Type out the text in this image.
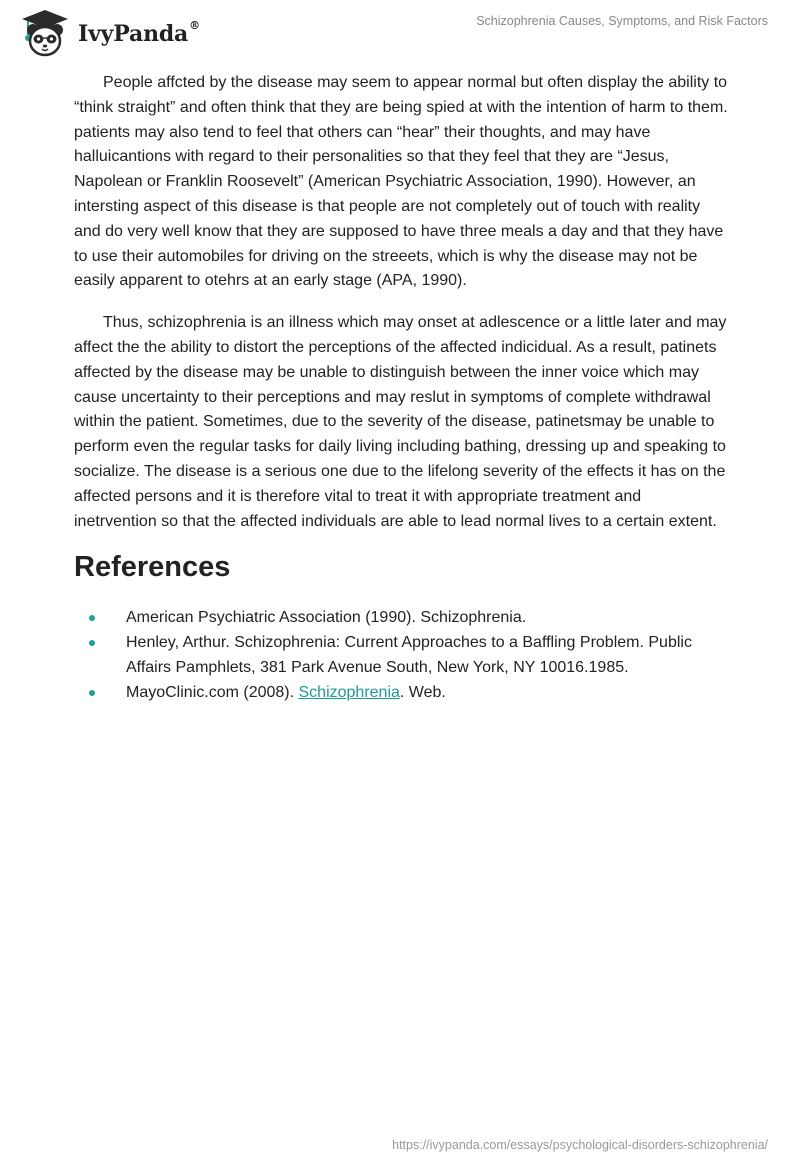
IvyPanda®	Schizophrenia Causes, Symptoms, and Risk Factors

People affcted by the disease may seem to appear normal but often display the ability to “think straight” and often think that they are being spied at with the intention of harm to them. patients may also tend to feel that others can “hear” their thoughts, and may have halluicantions with regard to their personalities so that they feel that they are “Jesus, Napolean or Franklin Roosevelt” (American Psychiatric Association, 1990). However, an intersting aspect of this disease is that people are not completely out of touch with reality and do very well know that they are supposed to have three meals a day and that they have to use their automobiles for driving on the streeets, which is why the disease may not be easily apparent to otehrs at an early stage (APA, 1990).

Thus, schizophrenia is an illness which may onset at adlescence or a little later and may affect the the ability to distort the perceptions of the affected indicidual. As a result, patinets affected by the disease may be unable to distinguish between the inner voice which may cause uncertainty to their perceptions and may reslut in symptoms of complete withdrawal within the patient. Sometimes, due to the severity of the disease, patinetsmay be unable to perform even the regular tasks for daily living including bathing, dressing up and speaking to socialize. The disease is a serious one due to the lifelong severity of the effects it has on the affected persons and it is therefore vital to treat it with appropriate treatment and inetrvention so that the affected individuals are able to lead normal lives to a certain extent.

References
American Psychiatric Association (1990). Schizophrenia.
Henley, Arthur. Schizophrenia: Current Approaches to a Baffling Problem. Public Affairs Pamphlets, 381 Park Avenue South, New York, NY 10016.1985.
MayoClinic.com (2008). Schizophrenia. Web.
https://ivypanda.com/essays/psychological-disorders-schizophrenia/
